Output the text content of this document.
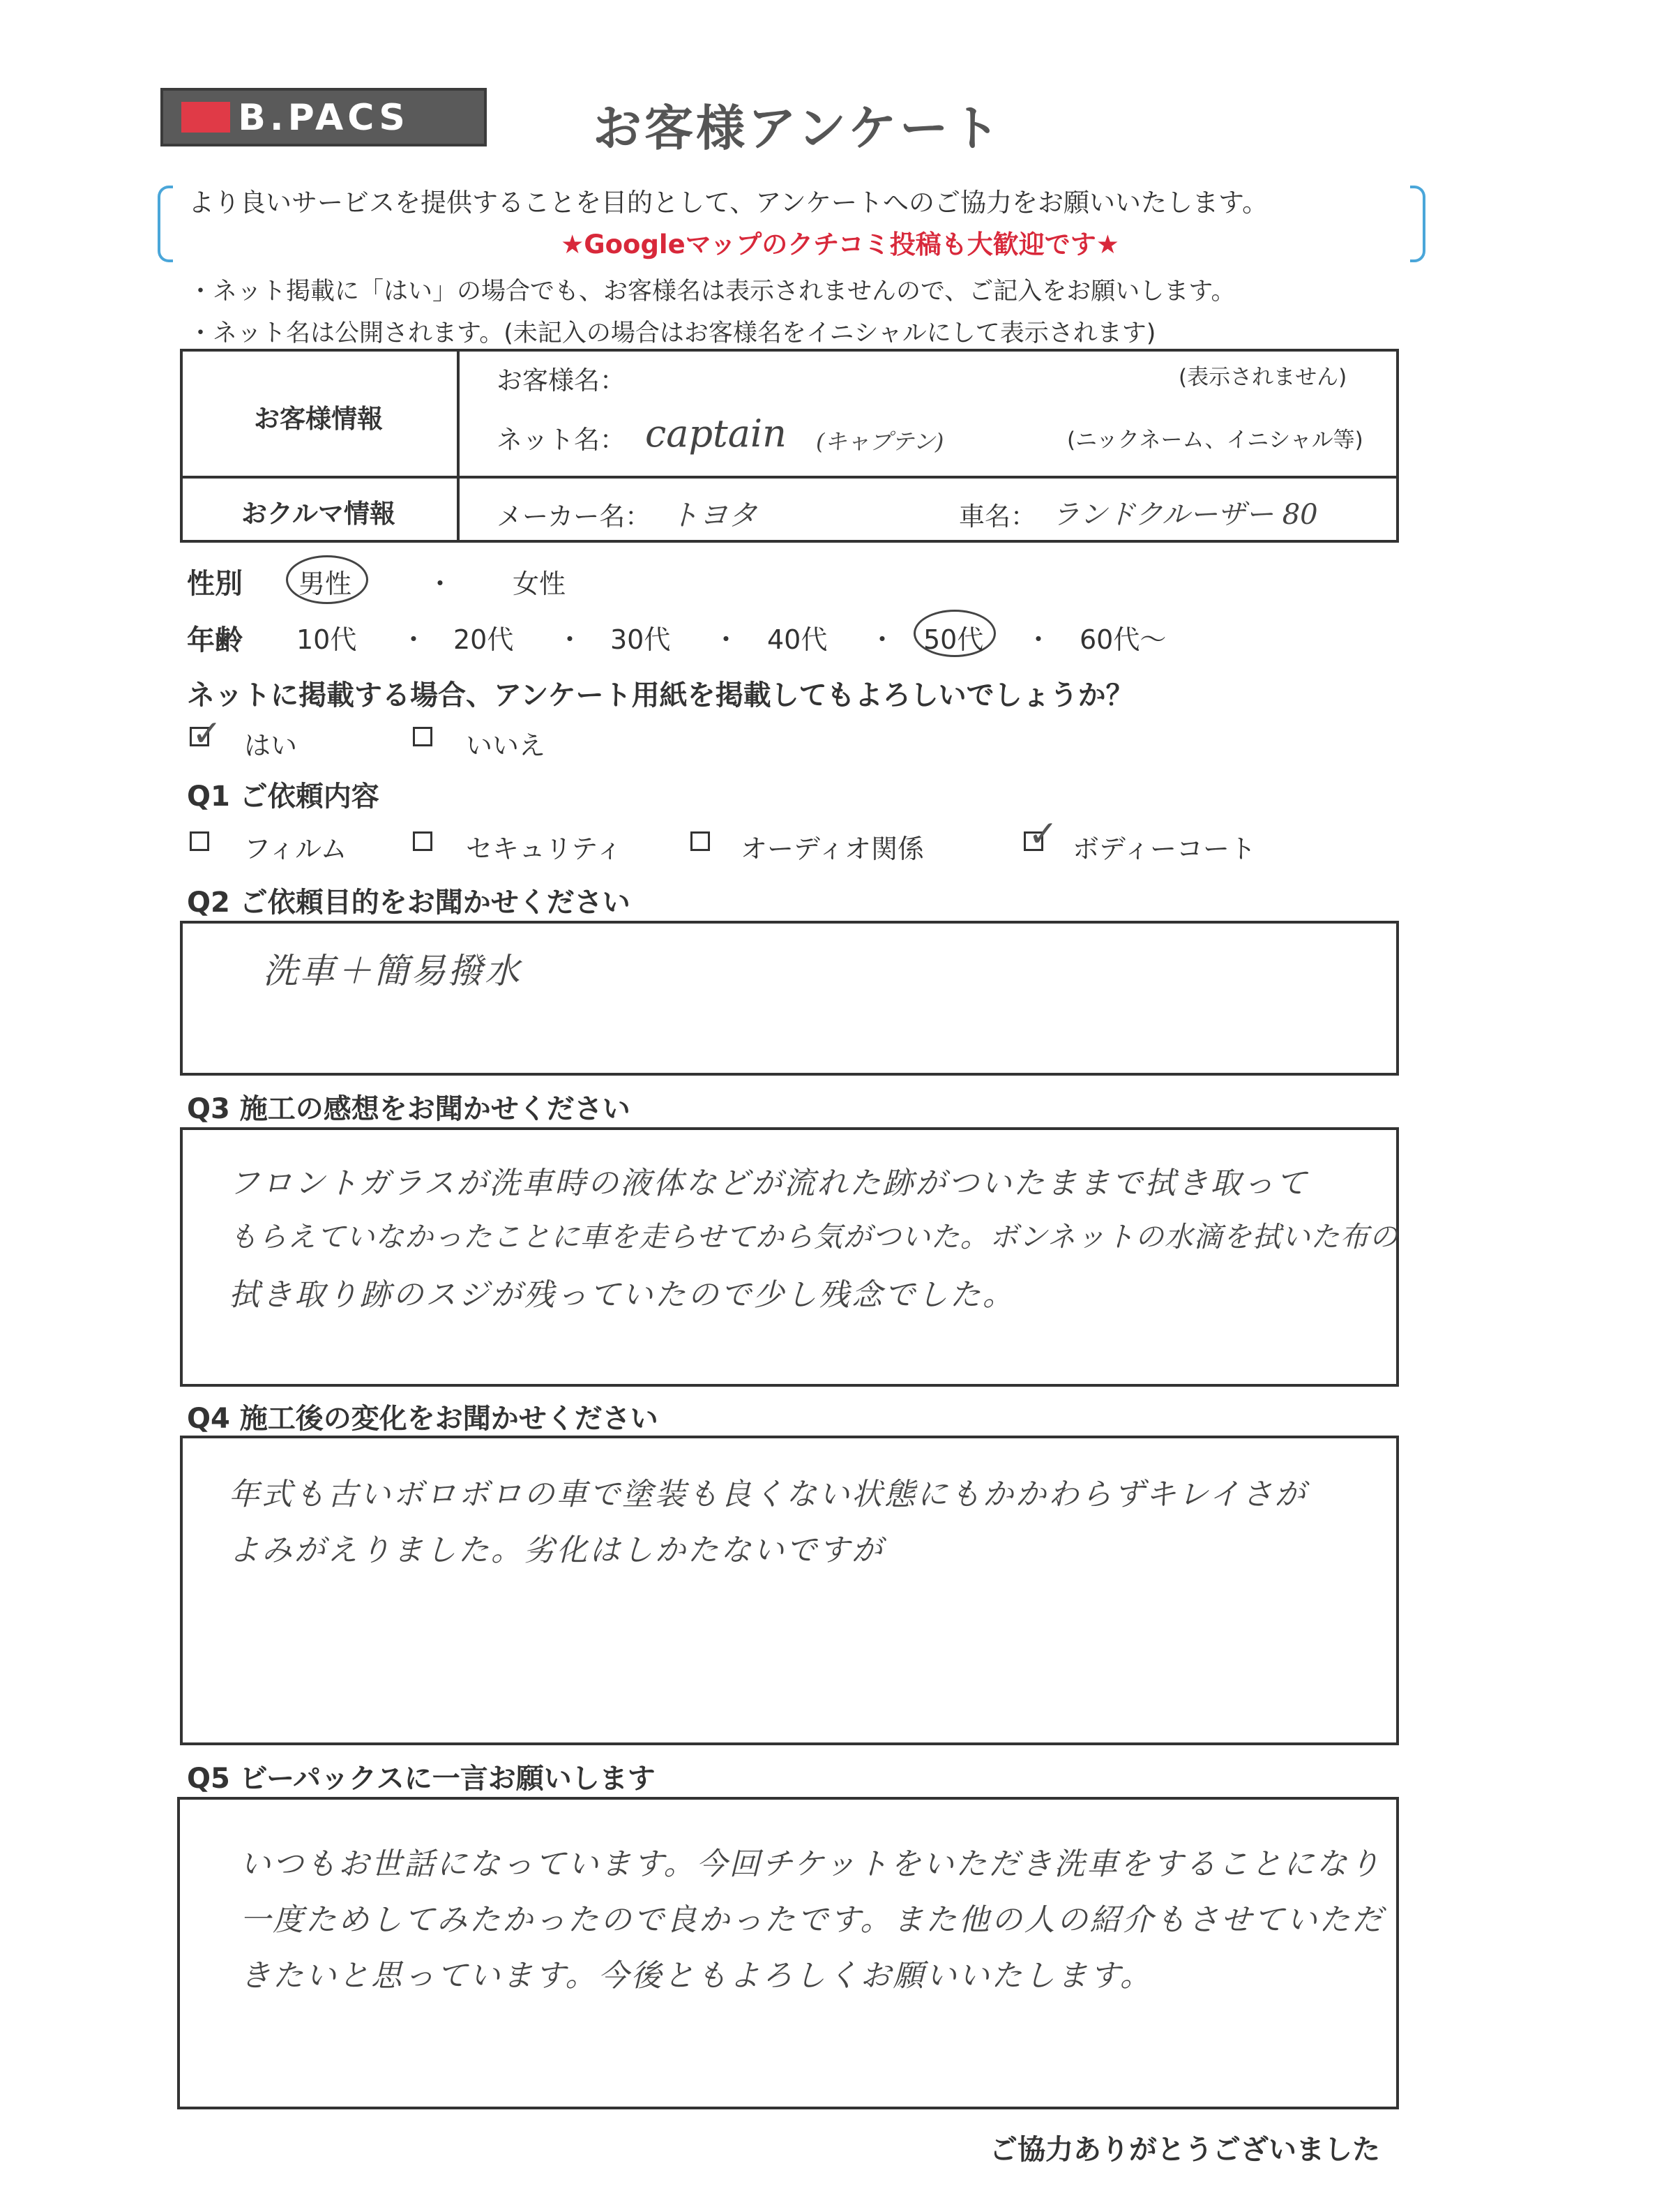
B.PACS	お客様アンケート
より良いサービスを提供することを目的として、アンケートへのご協力をお願いいたします。
★Googleマップのクチコミ投稿も大歓迎です★
・ネット掲載に「はい」の場合でも、お客様名は表示されませんので、ご記入をお願いします。
・ネット名は公開されます。(未記入の場合はお客様名をイニシャルにして表示されます)
お客様情報
お客様名：	(表示されません)
ネット名： captain (キャプテン)	(ニックネーム、イニシャル等)
おクルマ情報	メーカー名： トヨタ	車名： ランドクルーザー 80
性別 男性	・ 女性
年齢 10代 ・ 20代 ・ 30代 ・ 40代 ・ 50代 ・ 60代～
ネットに掲載する場合、アンケート用紙を掲載してもよろしいでしょうか？
✓ はい	いいえ
Q1 ご依頼内容
フィルム	セキュリティ	オーディオ関係	✓ ボディーコート
Q2 ご依頼目的をお聞かせください
洗車＋簡易撥水
Q3 施工の感想をお聞かせください
フロントガラスが洗車時の液体などが流れた跡がついたままで拭き取って
もらえていなかったことに車を走らせてから気がついた。ボンネットの水滴を拭いた布の
拭き取り跡のスジが残っていたので少し残念でした。
Q4 施工後の変化をお聞かせください
年式も古いボロボロの車で塗装も良くない状態にもかかわらずキレイさが
よみがえりました。劣化はしかたないですが
Q5 ビーパックスに一言お願いします
いつもお世話になっています。今回チケットをいただき洗車をすることになり
一度ためしてみたかったので良かったです。また他の人の紹介もさせていただ
きたいと思っています。今後ともよろしくお願いいたします。
ご協力ありがとうございました
